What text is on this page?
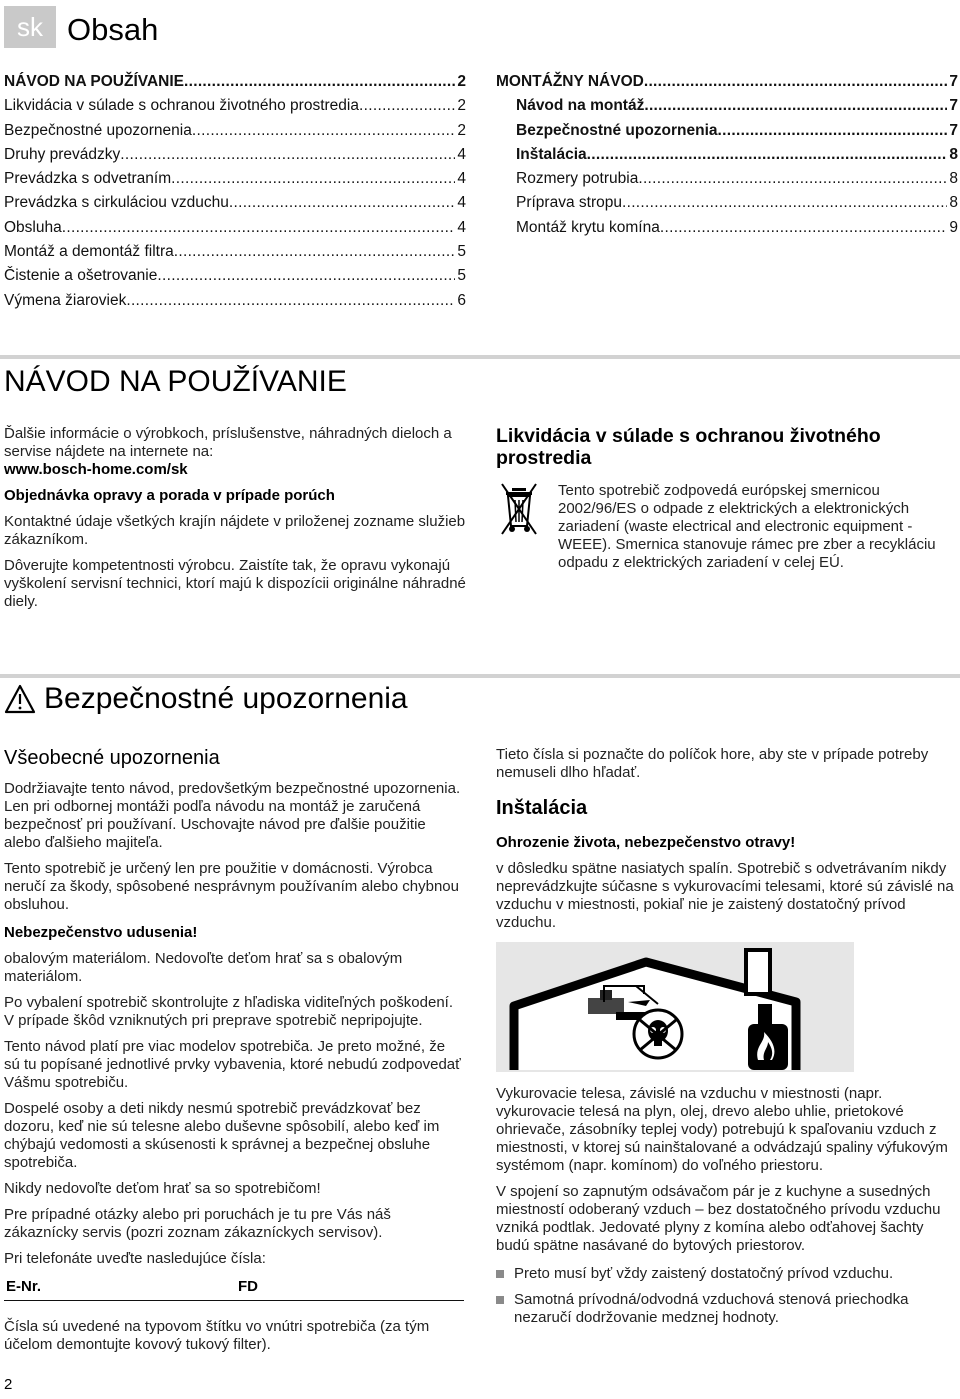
sk Obsah
NÁVOD NA POUŽÍVANIE . . .	2
Likvidácia v súlade s ochranou životného prostredia . . .	2
Bezpečnostné upozornenia . . .	2
Druhy prevádzky . . .	4
Prevádzka s odvetraním . . .	4
Prevádzka s cirkuláciou vzduchu . . .	4
Obsluha . . .	4
Montáž a demontáž filtra . . .	5
Čistenie a ošetrovanie . . .	5
Výmena žiaroviek . . .	6
MONTÁŽNY NÁVOD . . .	7
Návod na montáž . . .	7
Bezpečnostné upozornenia . . .	7
Inštalácia . . .	8
Rozmery potrubia . . .	8
Príprava stropu . . .	8
Montáž krytu komína . . .	9
NÁVOD NA POUŽÍVANIE

Ďalšie informácie o výrobkoch, príslušenstve, náhradných dieloch a servise nájdete na internete na:

www.bosch-home.com/sk

Objednávka opravy a porada v prípade porúch

Kontaktné údaje všetkých krajín nájdete v priloženej zozname služieb zákazníkom.

Dôverujte kompetentnosti výrobcu. Zaistíte tak, že opravu vykonajú vyškolení servisní technici, ktorí majú k dispozícii originálne náhradné diely.

Likvidácia v súlade s ochranou životného prostredia

Tento spotrebič zodpovedá európskej smernicou 2002/96/ES o odpade z elektrických a elektronických zariadení (waste electrical and electronic equipment - WEEE). Smernica stanovuje rámec pre zber a recykláciu odpadu z elektrických zariadení v celej EÚ.

Bezpečnostné upozornenia
Všeobecné upozornenia

Dodržiavajte tento návod, predovšetkým bezpečnostné upozornenia. Len pri odbornej montáži podľa návodu na montáž je zaručená bezpečnosť pri používaní. Uschovajte návod pre ďalšie použitie alebo ďalšieho majiteľa.

Tento spotrebič je určený len pre použitie v domácnosti. Výrobca neručí za škody, spôsobené nesprávnym používaním alebo chybnou obsluhou.

Nebezpečenstvo udusenia!

obalovým materiálom. Nedovoľte deťom hrať sa s obalovým materiálom.

Po vybalení spotrebič skontrolujte z hľadiska viditeľných poškodení. V prípade škôd vzniknutých pri preprave spotrebič nepripojujte.

Tento návod platí pre viac modelov spotrebiča. Je preto možné, že sú tu popísané jednotlivé prvky vybavenia, ktoré nebudú zodpovedať Vášmu spotrebiču.

Dospelé osoby a deti nikdy nesmú spotrebič prevádzkovať bez dozoru, keď nie sú telesne alebo duševne spôsobilí, alebo keď im chýbajú vedomosti a skúsenosti k správnej a bezpečnej obsluhe spotrebiča.

Nikdy nedovoľte deťom hrať sa so spotrebičom!

Pre prípadné otázky alebo pri poruchách je tu pre Vás náš zákaznícky servis (pozri zoznam zákazníckych servisov).

Pri telefonáte uveďte nasledujúce čísla:

E-Nr.	FD

Čísla sú uvedené na typovom štítku vo vnútri spotrebiča (za tým účelom demontujte kovový tukový filter).

Tieto čísla si poznačte do políčok hore, aby ste v prípade potreby nemuseli dlho hľadať.

Inštalácia

Ohrozenie života, nebezpečenstvo otravy!

v dôsledku spätne nasiatych spalín. Spotrebič s odvetrávaním nikdy neprevádzkujte súčasne s vykurovacími telesami, ktoré sú závislé na vzduchu v miestnosti, pokiaľ nie je zaistený dostatočný prívod vzduchu.

Vykurovacie telesa, závislé na vzduchu v miestnosti (napr. vykurovacie telesá na plyn, olej, drevo alebo uhlie, prietokové ohrievače, zásobníky teplej vody) potrebujú k spaľovaniu vzduch z miestnosti, v ktorej sú nainštalované a odvádzajú spaliny výfukovým systémom (napr. komínom) do voľného priestoru.

V spojení so zapnutým odsávačom pár je z kuchyne a susedných miestností odoberaný vzduch – bez dostatočného prívodu vzduchu vzniká podtlak. Jedovaté plyny z komína alebo odťahovej šachty budú spätne nasávané do bytových priestorov.

Preto musí byť vždy zaistený dostatočný prívod vzduchu.
Samotná prívodná/odvodná vzduchová stenová priechodka nezaručí dodržovanie medznej hodnoty.
2
